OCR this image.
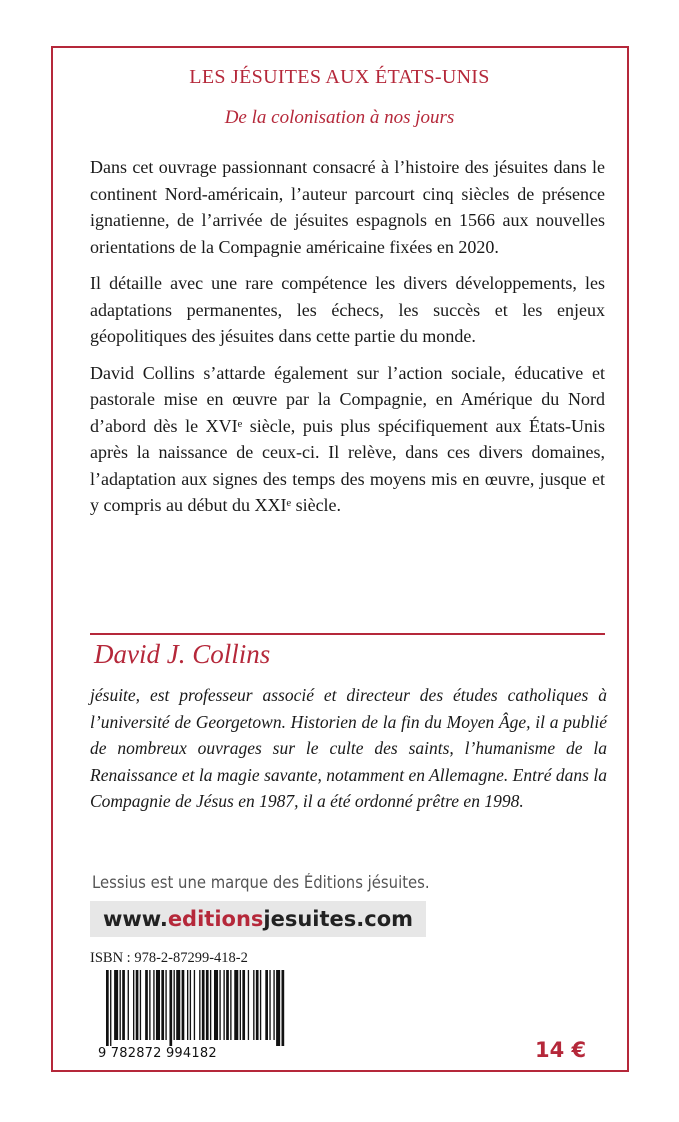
LES JÉSUITES AUX ÉTATS-UNIS
De la colonisation à nos jours

Dans cet ouvrage passionnant consacré à l’histoire des jésuites dans le continent Nord-américain, l’auteur parcourt cinq siècles de présence ignatienne, de l’arrivée de jésuites espagnols en 1566 aux nouvelles orientations de la Compagnie américaine fixées en 2020.

Il détaille avec une rare compétence les divers développements, les adaptations permanentes, les échecs, les succès et les enjeux géopolitiques des jésuites dans cette partie du monde.

David Collins s’attarde également sur l’action sociale, éducative et pastorale mise en œuvre par la Compagnie, en Amérique du Nord d’abord dès le XVIᵉ siècle, puis plus spécifiquement aux États-Unis après la naissance de ceux-ci. Il relève, dans ces divers domaines, l’adaptation aux signes des temps des moyens mis en œuvre, jusque et y compris au début du XXIᵉ siècle.

David J. Collins

jésuite, est professeur associé et directeur des études catholiques à l’université de Georgetown. Historien de la fin du Moyen Âge, il a publié de nombreux ouvrages sur le culte des saints, l’humanisme de la Renaissance et la magie savante, notamment en Allemagne. Entré dans la Compagnie de Jésus en 1987, il a été ordonné prêtre en 1998.

Lessius est une marque des Éditions jésuites.
www.editionsjesuites.com
ISBN : 978-2-87299-418-2
9 782872 994182	14 €
